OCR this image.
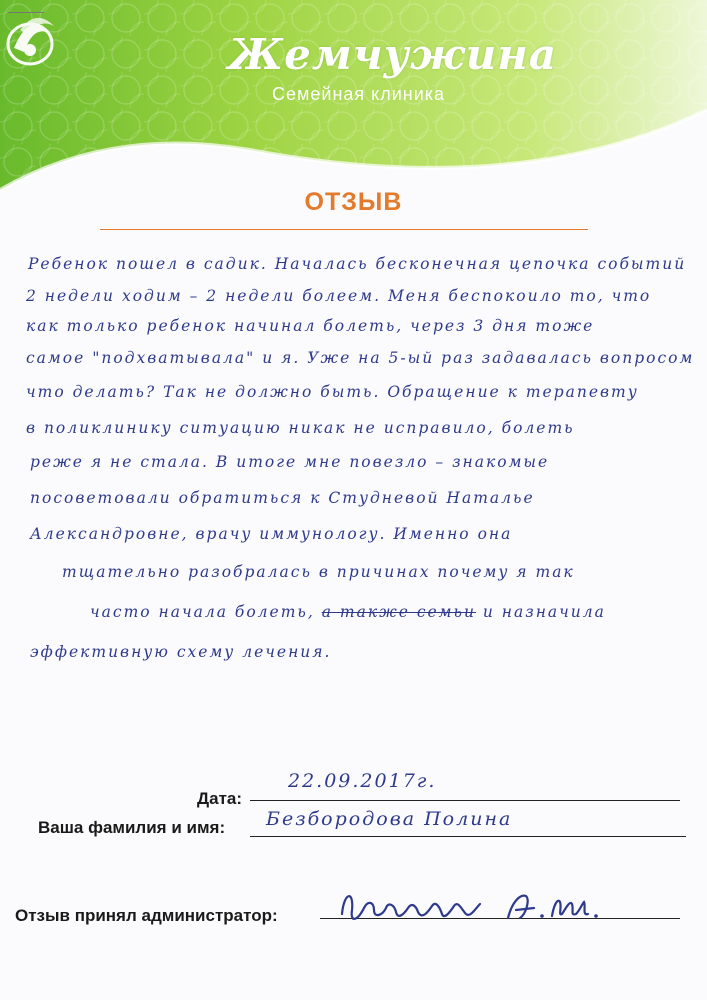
Жемчужина
Семейная клиника
ОТЗЫВ
Ребенок пошел в садик. Началась бесконечная цепочка событий
2 недели ходим – 2 недели болеем. Меня беспокоило то, что
как только ребенок начинал болеть, через 3 дня тоже
самое "подхватывала" и я. Уже на 5-ый раз задавалась вопросом
что делать? Так не должно быть. Обращение к терапевту
в поликлинику ситуацию никак не исправило, болеть
реже я не стала. В итоге мне повезло – знакомые
посоветовали обратиться к Студневой Наталье
Александровне, врачу иммунологу. Именно она
тщательно разобралась в причинах почему я так
часто начала болеть, а также семьи и назначила
эффективную схему лечения.
Дата:
22.09.2017г.
Ваша фамилия и имя: Безбородова Полина
Отзыв принял администратор:
